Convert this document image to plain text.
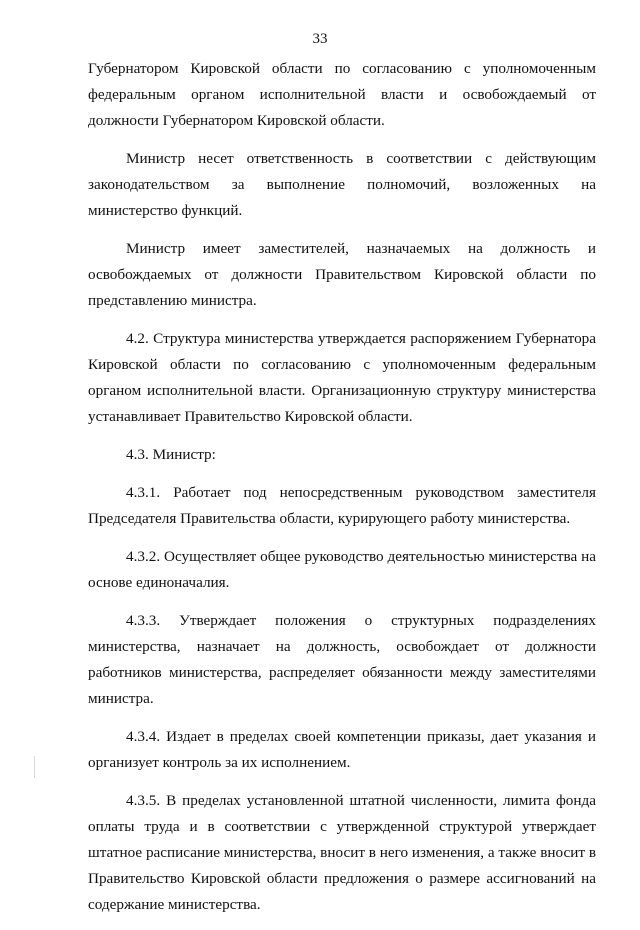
33

Губернатором Кировской области по согласованию с уполномоченным федеральным органом исполнительной власти и освобождаемый от должности Губернатором Кировской области.

Министр несет ответственность в соответствии с действующим законодательством за выполнение полномочий, возложенных на министерство функций.

Министр имеет заместителей, назначаемых на должность и освобождаемых от должности Правительством Кировской области по представлению министра.

4.2. Структура министерства утверждается распоряжением Губернатора Кировской области по согласованию с уполномоченным федеральным органом исполнительной власти. Организационную структуру министерства устанавливает Правительство Кировской области.

4.3. Министр:

4.3.1. Работает под непосредственным руководством заместителя Председателя Правительства области, курирующего работу министерства.

4.3.2. Осуществляет общее руководство деятельностью министерства на основе единоначалия.

4.3.3. Утверждает положения о структурных подразделениях министерства, назначает на должность, освобождает от должности работников министерства, распределяет обязанности между заместителями министра.

4.3.4. Издает в пределах своей компетенции приказы, дает указания и организует контроль за их исполнением.

4.3.5. В пределах установленной штатной численности, лимита фонда оплаты труда и в соответствии с утвержденной структурой утверждает штатное расписание министерства, вносит в него изменения, а также вносит в Правительство Кировской области предложения о размере ассигнований на содержание министерства.
